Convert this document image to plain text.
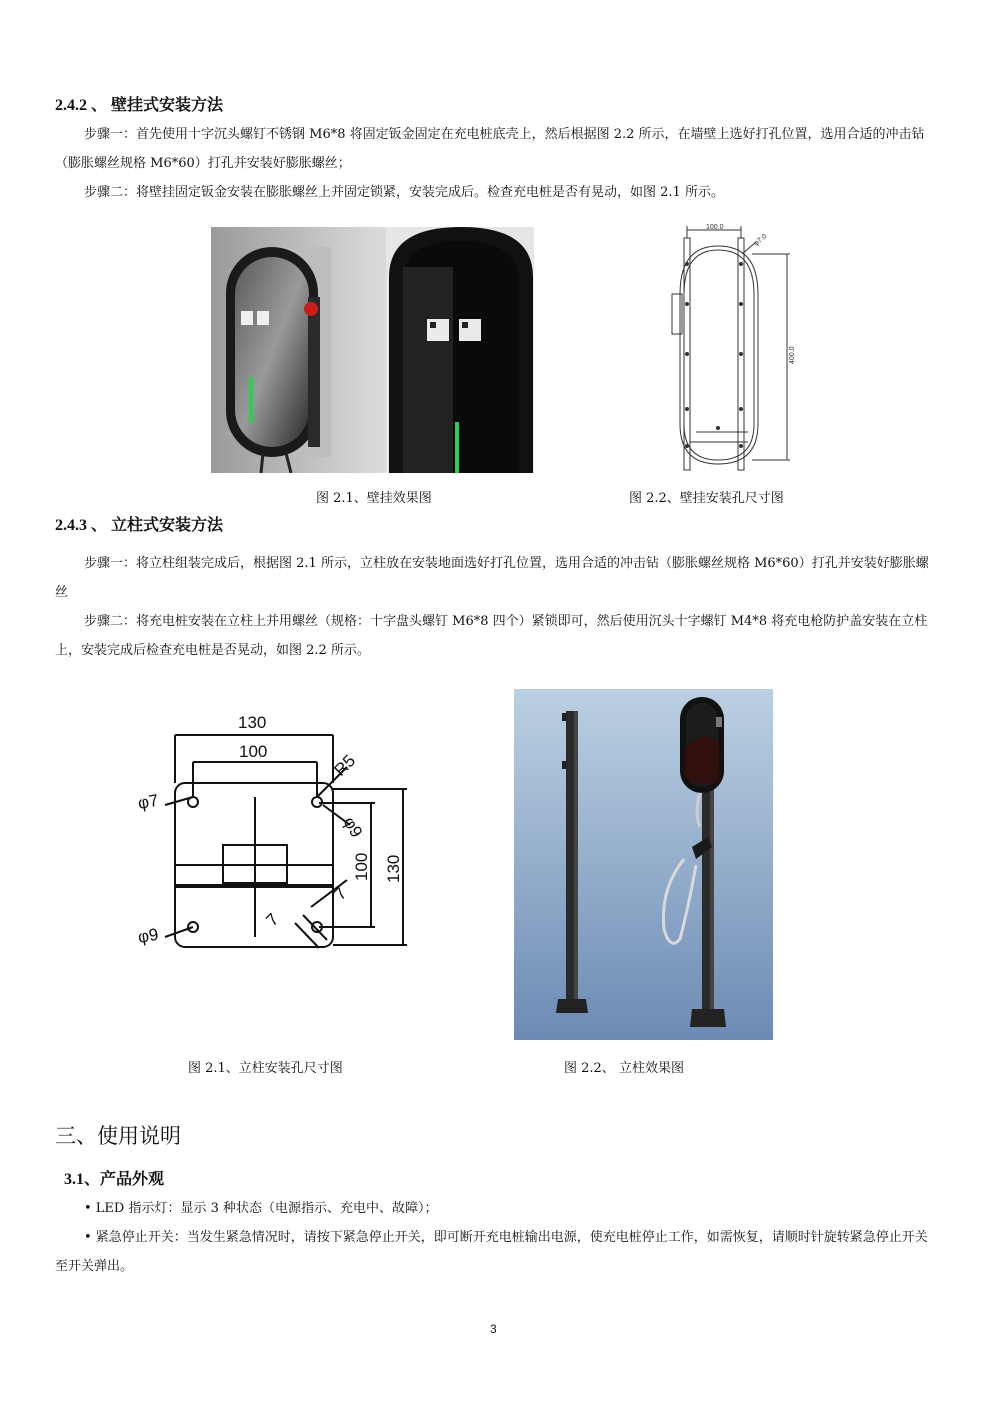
2.4.2 、 壁挂式安装方法
步骤一：首先使用十字沉头螺钉不锈钢 M6*8 将固定钣金固定在充电桩底壳上，然后根据图 2.2 所示，在墙壁上选好打孔位置，选用合适的冲击钻（膨胀螺丝规格 M6*60）打孔并安装好膨胀螺丝；
步骤二：将壁挂固定钣金安装在膨胀螺丝上并固定锁紧，安装完成后。检查充电桩是否有晃动，如图 2.1 所示。
100.0
φ7.0
400.0
图 2.1、壁挂效果图	图 2.2、壁挂安装孔尺寸图
2.4.3 、 立柱式安装方法
步骤一：将立柱组装完成后，根据图 2.1 所示，立柱放在安装地面选好打孔位置，选用合适的冲击钻（膨胀螺丝规格 M6*60）打孔并安装好膨胀螺丝
步骤二：将充电桩安装在立柱上并用螺丝（规格：十字盘头螺钉 M6*8 四个）紧锁即可，然后使用沉头十字螺钉 M4*8 将充电枪防护盖安装在立柱上，安装完成后检查充电桩是否晃动，如图 2.2 所示。
130
100	R5
φ7
φ9
φ9
100 130
7
7
图 2.1、立柱安装孔尺寸图	图 2.2、 立柱效果图
三、使用说明
3.1、产品外观
• LED 指示灯：显示 3 种状态（电源指示、充电中、故障）；
• 紧急停止开关：当发生紧急情况时，请按下紧急停止开关，即可断开充电桩输出电源，使充电桩停止工作，如需恢复，请顺时针旋转紧急停止开关至开关弹出。
3
